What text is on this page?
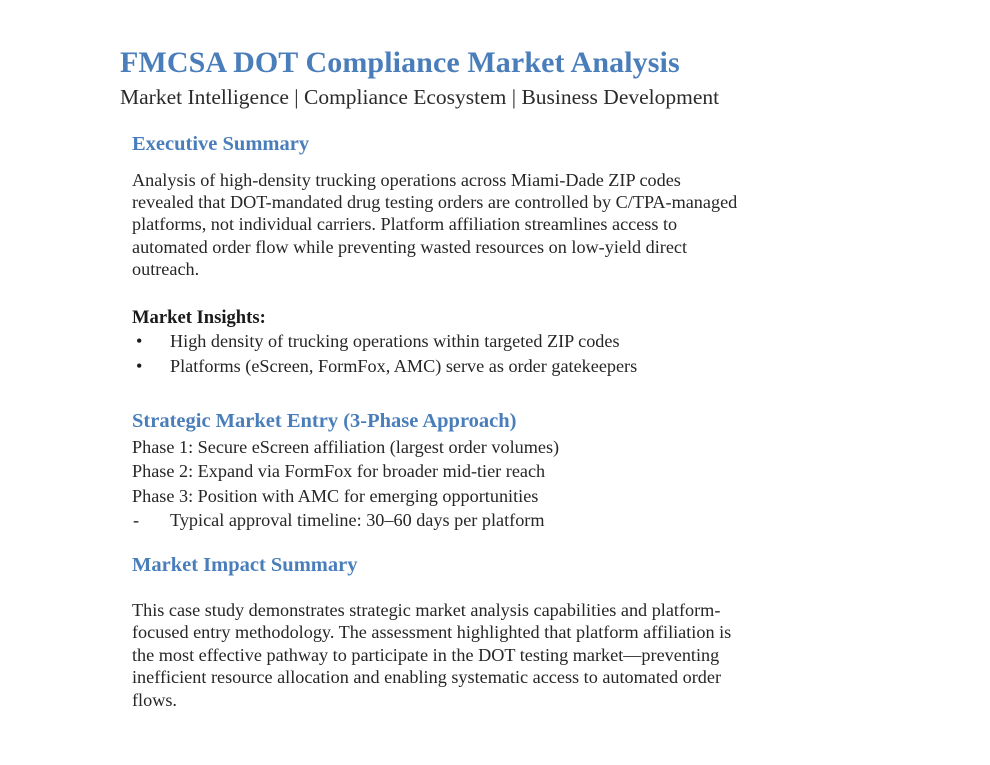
FMCSA DOT Compliance Market Analysis
Market Intelligence | Compliance Ecosystem | Business Development
Executive Summary

Analysis of high-density trucking operations across Miami-Dade ZIP codes revealed that DOT-mandated drug testing orders are controlled by C/TPA-managed platforms, not individual carriers. Platform affiliation streamlines access to automated order flow while preventing wasted resources on low-yield direct outreach.

Market Insights:

• High density of trucking operations within targeted ZIP codes
• Platforms (eScreen, FormFox, AMC) serve as order gatekeepers
Strategic Market Entry (3-Phase Approach)

Phase 1: Secure eScreen affiliation (largest order volumes)

Phase 2: Expand via FormFox for broader mid-tier reach

Phase 3: Position with AMC for emerging opportunities

- Typical approval timeline: 30–60 days per platform
Market Impact Summary

This case study demonstrates strategic market analysis capabilities and platform-focused entry methodology. The assessment highlighted that platform affiliation is the most effective pathway to participate in the DOT testing market—preventing inefficient resource allocation and enabling systematic access to automated order flows.
